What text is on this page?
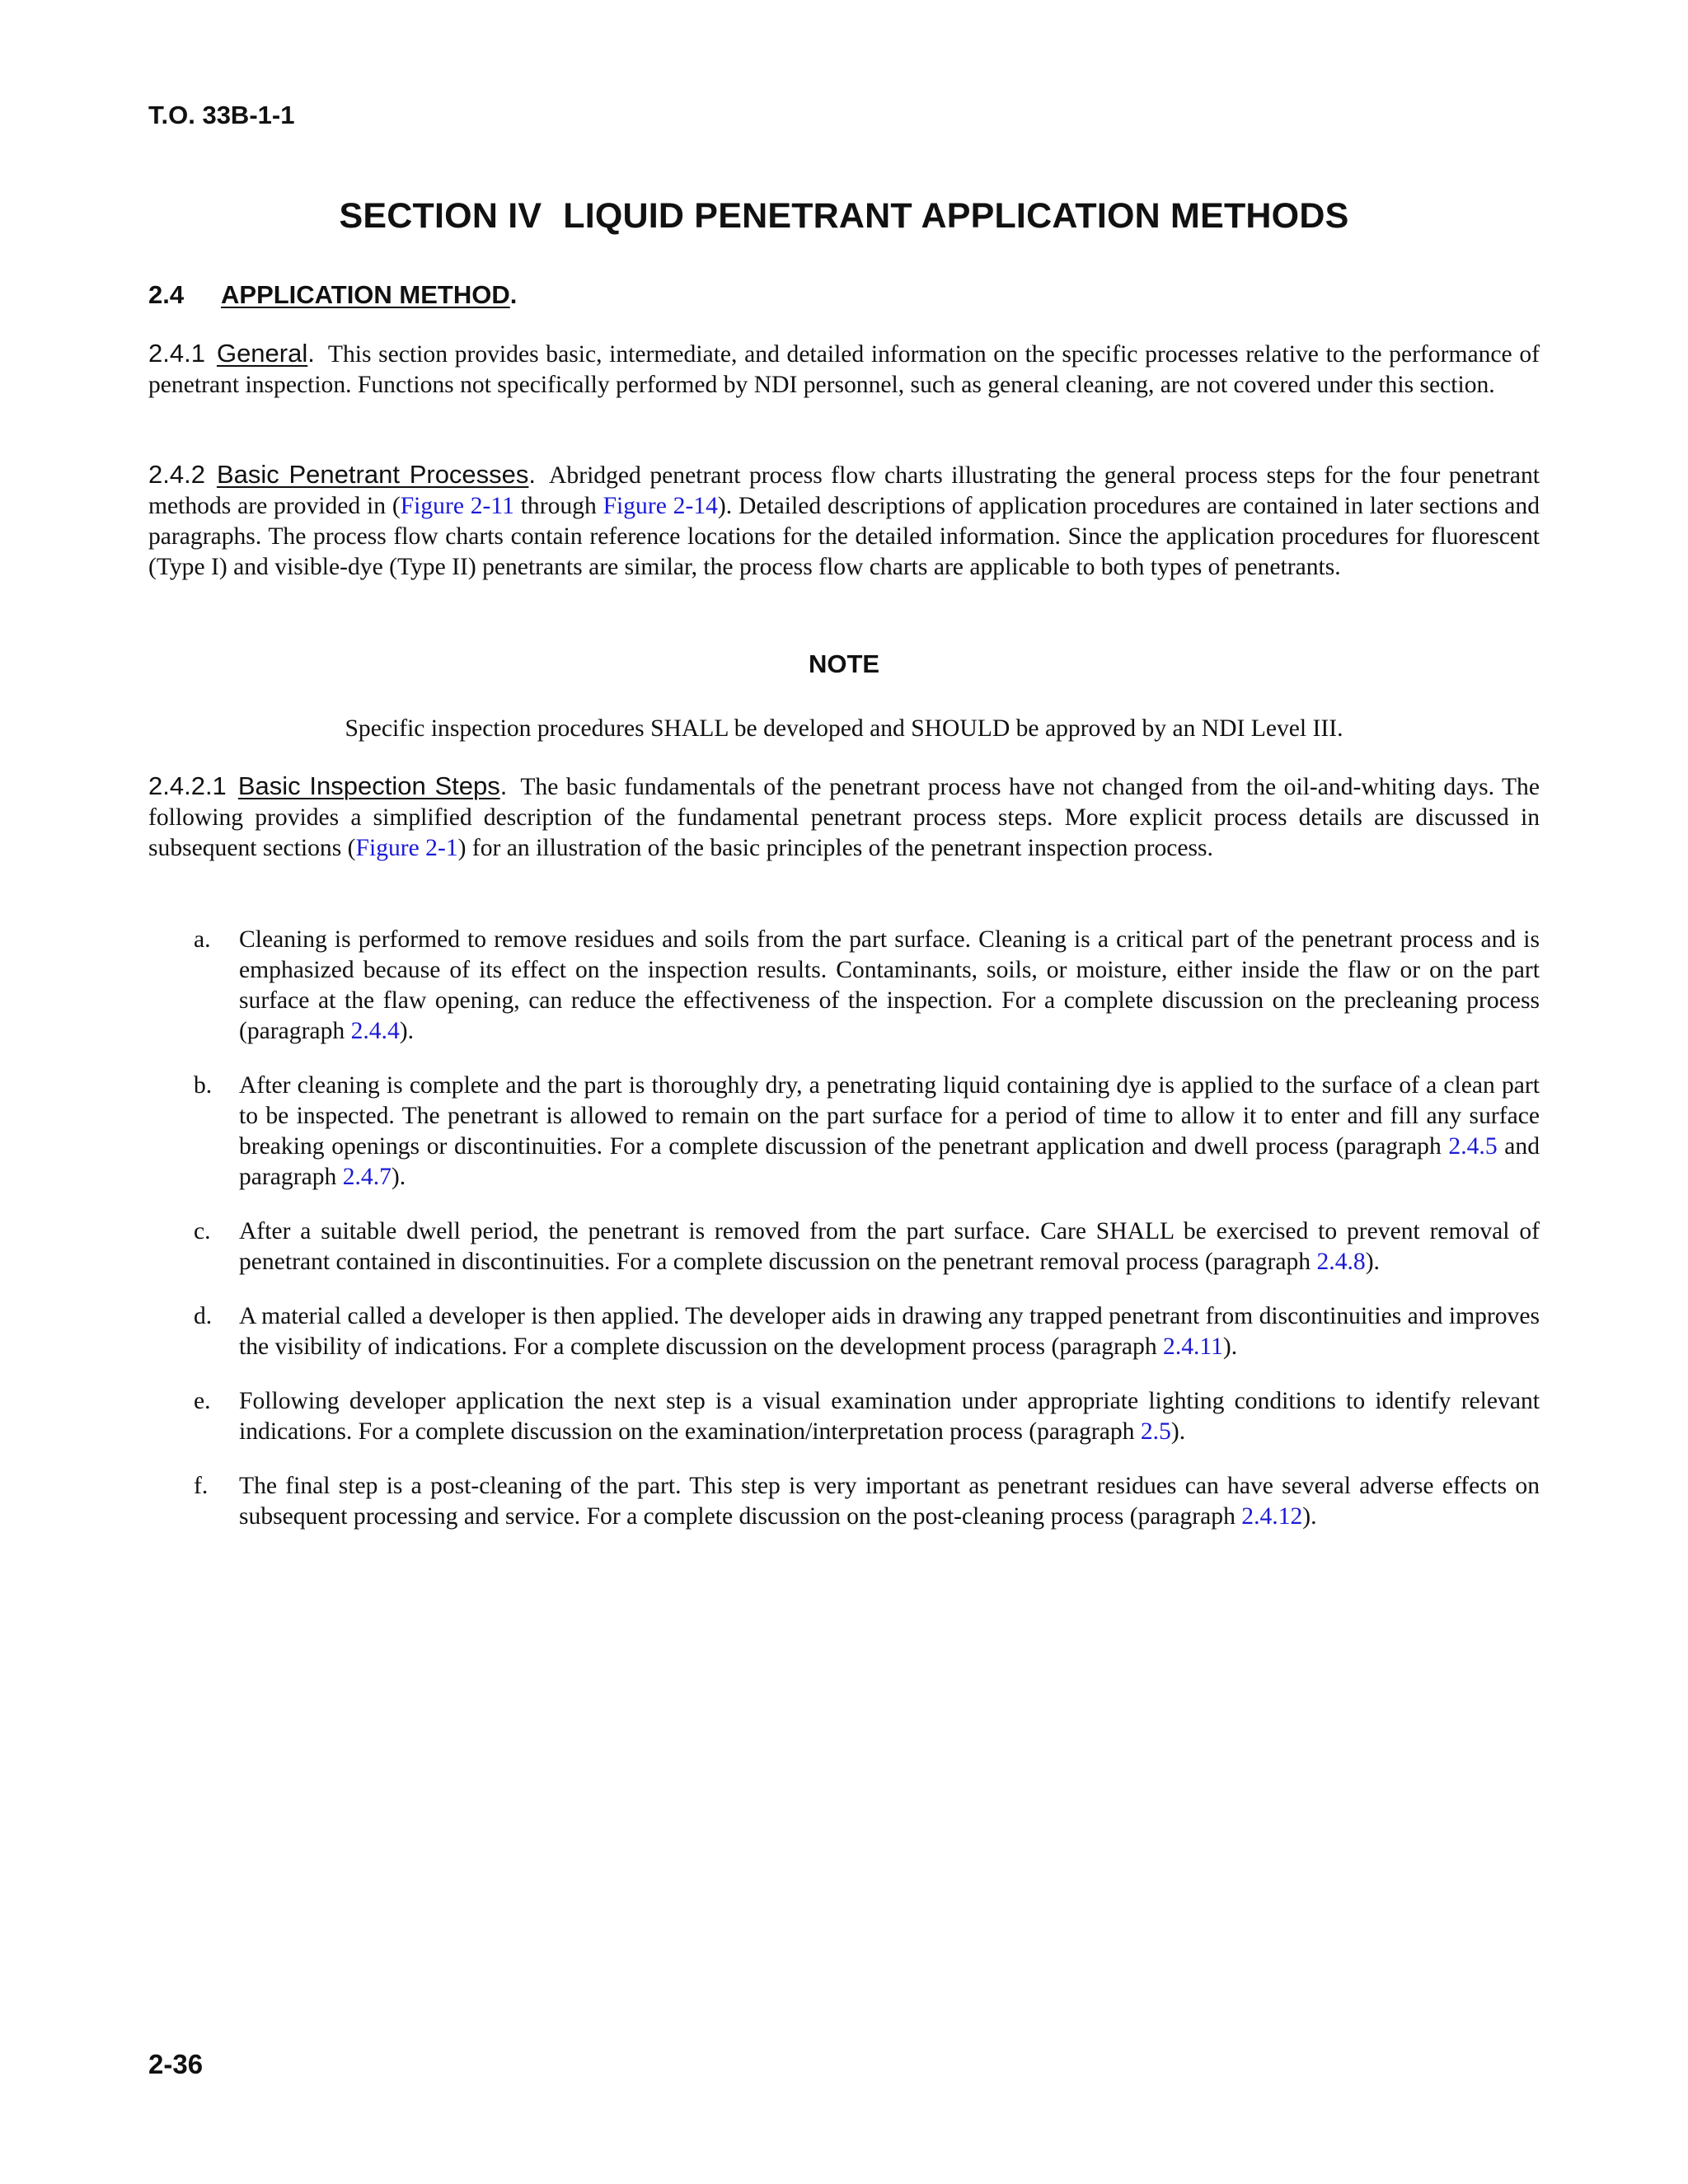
T.O. 33B-1-1
SECTION IV LIQUID PENETRANT APPLICATION METHODS
2.4 APPLICATION METHOD.
2.4.1 General. This section provides basic, intermediate, and detailed information on the specific processes relative to the performance of penetrant inspection. Functions not specifically performed by NDI personnel, such as general cleaning, are not covered under this section.
2.4.2 Basic Penetrant Processes. Abridged penetrant process flow charts illustrating the general process steps for the four penetrant methods are provided in (Figure 2-11 through Figure 2-14). Detailed descriptions of application procedures are contained in later sections and paragraphs. The process flow charts contain reference locations for the detailed information. Since the application procedures for fluorescent (Type I) and visible-dye (Type II) penetrants are similar, the process flow charts are applicable to both types of penetrants.
NOTE
Specific inspection procedures SHALL be developed and SHOULD be approved by an NDI Level III.
2.4.2.1 Basic Inspection Steps. The basic fundamentals of the penetrant process have not changed from the oil-and-whiting days. The following provides a simplified description of the fundamental penetrant process steps. More explicit process details are discussed in subsequent sections (Figure 2-1) for an illustration of the basic principles of the penetrant inspection process.
a.	Cleaning is performed to remove residues and soils from the part surface. Cleaning is a critical part of the penetrant process and is emphasized because of its effect on the inspection results. Contaminants, soils, or moisture, either inside the flaw or on the part surface at the flaw opening, can reduce the effectiveness of the inspection. For a complete discussion on the precleaning process (paragraph 2.4.4).
b.	After cleaning is complete and the part is thoroughly dry, a penetrating liquid containing dye is applied to the surface of a clean part to be inspected. The penetrant is allowed to remain on the part surface for a period of time to allow it to enter and fill any surface breaking openings or discontinuities. For a complete discussion of the penetrant application and dwell process (paragraph 2.4.5 and paragraph 2.4.7).
c.	After a suitable dwell period, the penetrant is removed from the part surface. Care SHALL be exercised to prevent removal of penetrant contained in discontinuities. For a complete discussion on the penetrant removal process (paragraph 2.4.8).
d.	A material called a developer is then applied. The developer aids in drawing any trapped penetrant from discontinuities and improves the visibility of indications. For a complete discussion on the development process (paragraph 2.4.11).
e.	Following developer application the next step is a visual examination under appropriate lighting conditions to identify relevant indications. For a complete discussion on the examination/interpretation process (paragraph 2.5).
f.	The final step is a post-cleaning of the part. This step is very important as penetrant residues can have several adverse effects on subsequent processing and service. For a complete discussion on the post-cleaning process (paragraph 2.4.12).
2-36
